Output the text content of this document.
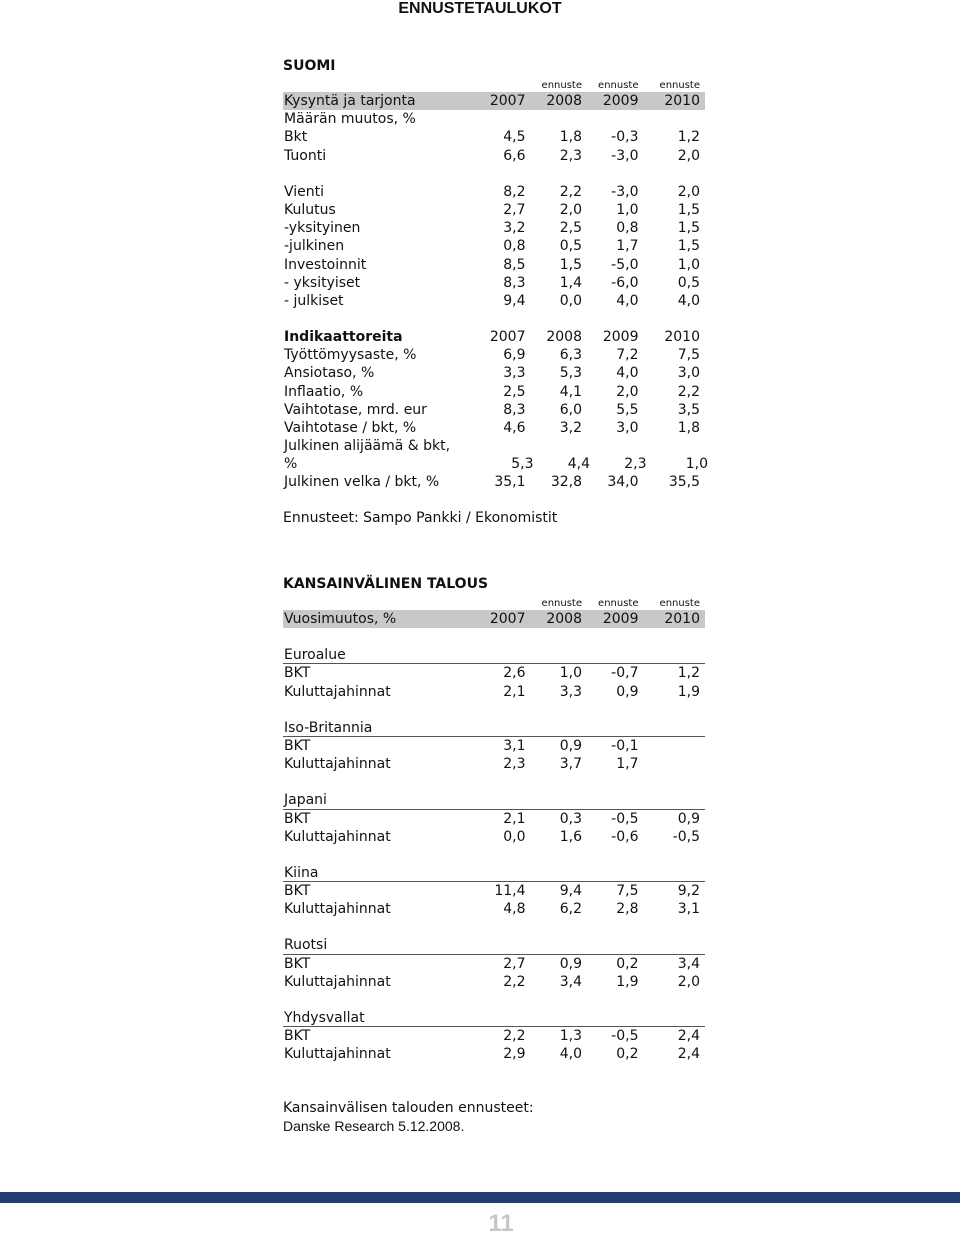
ENNUSTETAULUKOT
SUOMI
ennuste	ennuste	ennuste
Kysyntä ja tarjonta	2007	2008	2009	2010
Määrän muutos, %
Bkt	4,5	1,8	-0,3	1,2
Tuonti	6,6	2,3	-3,0	2,0
Vienti	8,2	2,2	-3,0	2,0
Kulutus	2,7	2,0	1,0	1,5
-yksityinen	3,2	2,5	0,8	1,5
-julkinen	0,8	0,5	1,7	1,5
Investoinnit	8,5	1,5	-5,0	1,0
- yksityiset	8,3	1,4	-6,0	0,5
- julkiset	9,4	0,0	4,0	4,0
Indikaattoreita	2007	2008	2009	2010
Työttömyysaste, %	6,9	6,3	7,2	7,5
Ansiotaso, %	3,3	5,3	4,0	3,0
Inflaatio, %	2,5	4,1	2,0	2,2
Vaihtotase, mrd. eur	8,3	6,0	5,5	3,5
Vaihtotase / bkt, %	4,6	3,2	3,0	1,8
Julkinen alijäämä & bkt, %	5,3	4,4	2,3	1,0
Julkinen velka / bkt, %	35,1	32,8	34,0	35,5
Ennusteet: Sampo Pankki / Ekonomistit
KANSAINVÄLINEN TALOUS
ennuste	ennuste	ennuste
Vuosimuutos, %	2007	2008	2009	2010
Euroalue
BKT	2,6	1,0	-0,7	1,2
Kuluttajahinnat	2,1	3,3	0,9	1,9
Iso-Britannia
BKT	3,1	0,9	-0,1
Kuluttajahinnat	2,3	3,7	1,7
Japani
BKT	2,1	0,3	-0,5	0,9
Kuluttajahinnat	0,0	1,6	-0,6	-0,5
Kiina
BKT	11,4	9,4	7,5	9,2
Kuluttajahinnat	4,8	6,2	2,8	3,1
Ruotsi
BKT	2,7	0,9	0,2	3,4
Kuluttajahinnat	2,2	3,4	1,9	2,0
Yhdysvallat
BKT	2,2	1,3	-0,5	2,4
Kuluttajahinnat	2,9	4,0	0,2	2,4
Kansainvälisen talouden ennusteet:
Danske Research 5.12.2008.
11
